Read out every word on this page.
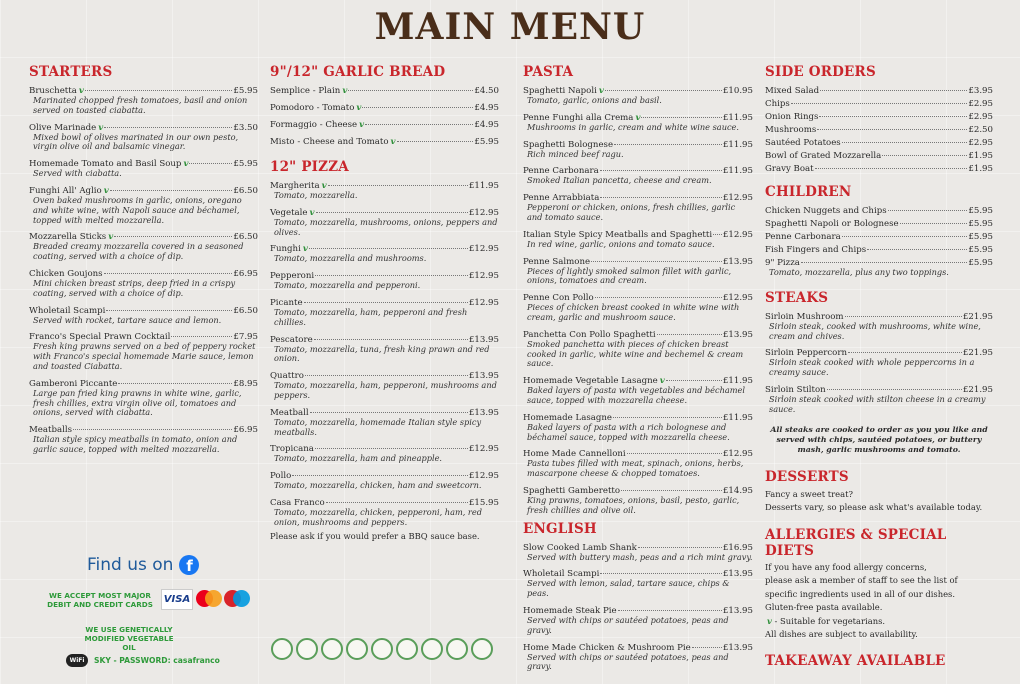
MAIN MENU
STARTERS
Bruschetta v	£5.95
Marinated chopped fresh tomatoes, basil and onion served on toasted ciabatta.
Olive Marinade v	£3.50
Mixed bowl of olives marinated in our own pesto, virgin olive oil and balsamic vinegar.
Homemade Tomato and Basil Soup v	£5.95
Served with ciabatta.
Funghi All' Aglio v	£6.50
Oven baked mushrooms in garlic, onions, oregano and white wine, with Napoli sauce and béchamel, topped with melted mozzarella.
Mozzarella Sticks v	£6.50
Breaded creamy mozzarella covered in a seasoned coating, served with a choice of dip.
Chicken Goujons	£6.95
Mini chicken breast strips, deep fried in a crispy coating, served with a choice of dip.
Wholetail Scampi	£6.50
Served with rocket, tartare sauce and lemon.
Franco's Special Prawn Cocktail	£7.95
Fresh king prawns served on a bed of peppery rocket with Franco's special homemade Marie sauce, lemon and toasted Ciabatta.
Gamberoni Piccante	£8.95
Large pan fried king prawns in white wine, garlic, fresh chillies, extra virgin olive oil, tomatoes and onions, served with ciabatta.
Meatballs	£6.95
Italian style spicy meatballs in tomato, onion and garlic sauce, topped with melted mozzarella.
9"/12" GARLIC BREAD
Semplice - Plain v	£4.50
Pomodoro - Tomato v	£4.95
Formaggio - Cheese v	£4.95
Misto - Cheese and Tomato v	£5.95
12" PIZZA
Margherita v	£11.95
Tomato, mozzarella.
Vegetale v	£12.95
Tomato, mozzarella, mushrooms, onions, peppers and olives.
Funghi v	£12.95
Tomato, mozzarella and mushrooms.
Pepperoni	£12.95
Tomato, mozzarella and pepperoni.
Picante	£12.95
Tomato, mozzarella, ham, pepperoni and fresh chillies.
Pescatore	£13.95
Tomato, mozzarella, tuna, fresh king prawn and red onion.
Quattro	£13.95
Tomato, mozzarella, ham, pepperoni, mushrooms and peppers.
Meatball	£13.95
Tomato, mozzarella, homemade Italian style spicy meatballs.
Tropicana	£12.95
Tomato, mozzarella, ham and pineapple.
Pollo	£12.95
Tomato, mozzarella, chicken, ham and sweetcorn.
Casa Franco	£15.95
Tomato, mozzarella, chicken, pepperoni, ham, red onion, mushrooms and peppers.
Please ask if you would prefer a BBQ sauce base.
PASTA
Spaghetti Napoli v	£10.95
Tomato, garlic, onions and basil.
Penne Funghi alla Crema v	£11.95
Mushrooms in garlic, cream and white wine sauce.
Spaghetti Bolognese	£11.95
Rich minced beef ragu.
Penne Carbonara	£11.95
Smoked Italian pancetta, cheese and cream.
Penne Arrabbiata	£12.95
Pepperoni or chicken, onions, fresh chillies, garlic and tomato sauce.
Italian Style Spicy Meatballs and Spaghetti £12.95
In red wine, garlic, onions and tomato sauce.
Penne Salmone	£13.95
Pieces of lightly smoked salmon fillet with garlic, onions, tomatoes and cream.
Penne Con Pollo	£12.95
Pieces of chicken breast cooked in white wine with cream, garlic and mushroom sauce.
Panchetta Con Pollo Spaghetti	£13.95
Smoked panchetta with pieces of chicken breast cooked in garlic, white wine and bechemel & cream sauce.
Homemade Vegetable Lasagne v	£11.95
Baked layers of pasta with vegetables and béchamel sauce, topped with mozzarella cheese.
Homemade Lasagne	£11.95
Baked layers of pasta with a rich bolognese and béchamel sauce, topped with mozzarella cheese.
Home Made Cannelloni	£12.95
Pasta tubes filled with meat, spinach, onions, herbs, mascarpone cheese & chopped tomatoes.
Spaghetti Gamberetto	£14.95
King prawns, tomatoes, onions, basil, pesto, garlic, fresh chillies and olive oil.
ENGLISH
Slow Cooked Lamb Shank	£16.95
Served with buttery mash, peas and a rich mint gravy.
Wholetail Scampi	£13.95
Served with lemon, salad, tartare sauce, chips & peas.
Homemade Steak Pie	£13.95
Served with chips or sautéed potatoes, peas and gravy.
Home Made Chicken & Mushroom Pie	£13.95
Served with chips or sautéed potatoes, peas and gravy.
SIDE ORDERS
Mixed Salad	£3.95
Chips	£2.95
Onion Rings	£2.95
Mushrooms	£2.50
Sautéed Potatoes	£2.95
Bowl of Grated Mozzarella	£1.95
Gravy Boat	£1.95
CHILDREN
Chicken Nuggets and Chips	£5.95
Spaghetti Napoli or Bolognese	£5.95
Penne Carbonara	£5.95
Fish Fingers and Chips	£5.95
9" Pizza	£5.95
Tomato, mozzarella, plus any two toppings.
STEAKS
Sirloin Mushroom	£21.95
Sirloin steak, cooked with mushrooms, white wine, cream and chives.
Sirloin Peppercorn	£21.95
Sirloin steak cooked with whole peppercorns in a creamy sauce.
Sirloin Stilton	£21.95
Sirloin steak cooked with stilton cheese in a creamy sauce.
All steaks are cooked to order as you you like and served with chips, sautéed potatoes, or buttery mash, garlic mushrooms and tomato.
DESSERTS
Fancy a sweet treat?
Desserts vary, so please ask what's available today.
ALLERGIES & SPECIAL DIETS
If you have any food allergy concerns,
please ask a member of staff to see the list of
specific ingredients used in all of our dishes.
Gluten-free pasta available.
v - Suitable for vegetarians.
All dishes are subject to availability.
TAKEAWAY AVAILABLE
Find us on f
WE ACCEPT MOST MAJOR DEBIT AND CREDIT CARDS	VISA
WE USE GENETICALLY MODIFIED VEGETABLE OIL
WiFi	SKY - PASSWORD: casafranco
